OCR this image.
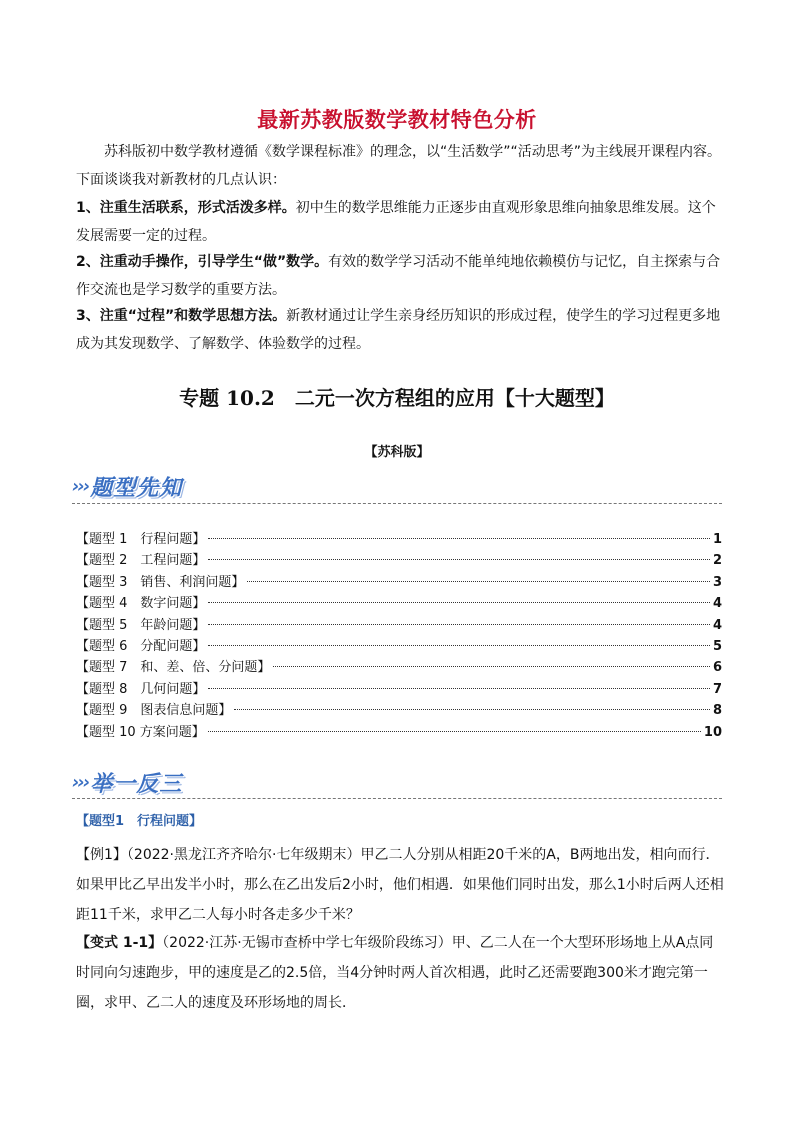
最新苏教版数学教材特色分析
苏科版初中数学教材遵循《数学课程标准》的理念，以“生活数学”“活动思考”为主线展开课程内容。下面谈谈我对新教材的几点认识：
1、注重生活联系，形式活泼多样。初中生的数学思维能力正逐步由直观形象思维向抽象思维发展。这个发展需要一定的过程。
2、注重动手操作，引导学生“做”数学。有效的数学学习活动不能单纯地依赖模仿与记忆，自主探索与合作交流也是学习数学的重要方法。
3、注重“过程”和数学思想方法。新教材通过让学生亲身经历知识的形成过程，使学生的学习过程更多地成为其发现数学、了解数学、体验数学的过程。
专题 10.2　二元一次方程组的应用【十大题型】
【苏科版】
››› 题型先知
【题型 1　行程问题】	1
【题型 2　工程问题】	2
【题型 3　销售、利润问题】	3
【题型 4　数字问题】	4
【题型 5　年龄问题】	4
【题型 6　分配问题】	5
【题型 7　和、差、倍、分问题】	6
【题型 8　几何问题】	7
【题型 9　图表信息问题】	8
【题型 10 方案问题】	10
››› 举一反三
【题型1　行程问题】
【例1】（2022·黑龙江齐齐哈尔·七年级期末）甲乙二人分别从相距20千米的A，B两地出发，相向而行．如果甲比乙早出发半小时，那么在乙出发后2小时，他们相遇．如果他们同时出发，那么1小时后两人还相距11千米，求甲乙二人每小时各走多少千米？
【变式 1-1】（2022·江苏·无锡市查桥中学七年级阶段练习）甲、乙二人在一个大型环形场地上从A点同时同向匀速跑步，甲的速度是乙的2.5倍，当4分钟时两人首次相遇，此时乙还需要跑300米才跑完第一圈，求甲、乙二人的速度及环形场地的周长．
